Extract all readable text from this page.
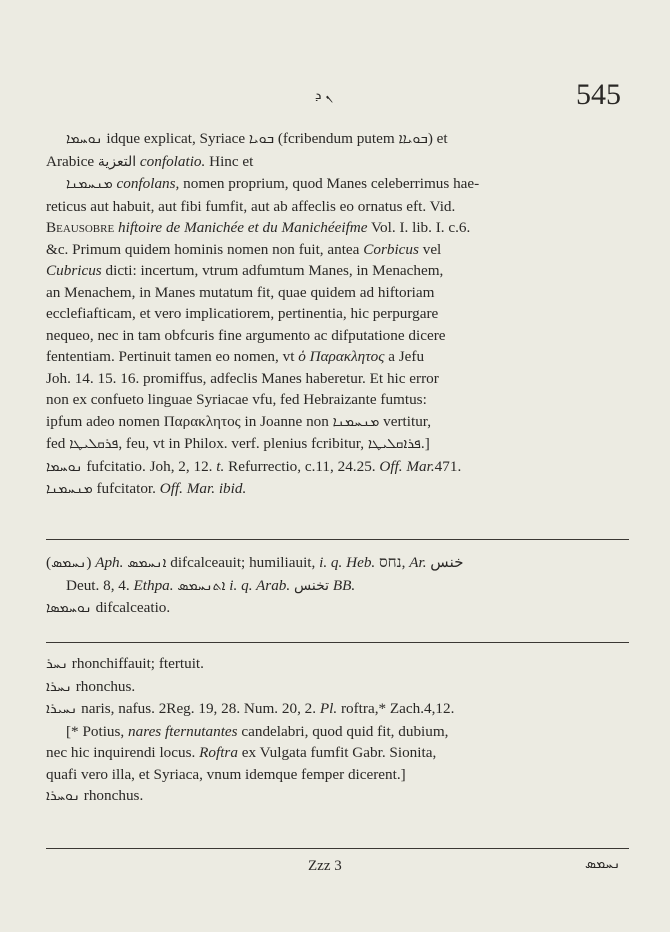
ܢ ܕ	545

ܢܘܚܡܐ idque explicat, Syriace ܒܘܝܐ (fcribendum putem ܒܘܝܐܐ) et

Arabice التعزية confolatio. Hinc et

ܡܢܚܡܢܐ confolans, nomen proprium, quod Manes celeberrimus hae-

reticus aut habuit, aut fibi fumfit, aut ab affeclis eo ornatus eft. Vid.

Beausobre hiftoire de Manichée et du Manichéeifme Vol. I. lib. I. c.6.

&c. Primum quidem hominis nomen non fuit, antea Corbicus vel

Cubricus dicti: incertum, vtrum adfumtum Manes, in Menachem,

an Menachem, in Manes mutatum fit, quae quidem ad hiftoriam

ecclefiafticam, et vero implicatiorem, pertinentia, hic perpurgare

nequeo, nec in tam obfcuris fine argumento ac difputatione dicere

fententiam. Pertinuit tamen eo nomen, vt ὁ Παρακλητος a Jefu

Joh. 14. 15. 16. promiffus, adfeclis Manes haberetur. Et hic error

non ex confueto linguae Syriacae vfu, fed Hebraizante fumtus:

ipfum adeo nomen Παρακλητος in Joanne non ܡܢܚܡܢܐ vertitur,

fed ܦܪܩܠܝܛܐ, feu, vt in Philox. verf. plenius fcribitur, ܦܪܐܩܠܝܛܐ.]

ܢܘܚܡܐ fufcitatio. Joh, 2, 12. t. Refurrectio, c.11, 24.25. Off. Mar.471.

ܡܢܚܡܢܐ fufcitator. Off. Mar. ibid.

(ܢܚܡܣ) Aph. ܐܢܚܡܣ difcalceauit; humiliauit, i. q. Heb. נחס, Ar. خنس

Deut. 8, 4. Ethpa. ܐܬܢܚܡܣ i. q. Arab. تخنس BB.

ܢܘܚܡܣܐ difcalceatio.

ܢܚܪ rhonchiffauit; ftertuit.

ܢܚܪܐ rhonchus.

ܢܚܝܪܐ naris, nafus. 2Reg. 19, 28. Num. 20, 2. Pl. roftra,* Zach.4,12.

[* Potius, nares fternutantes candelabri, quod quid fit, dubium,

nec hic inquirendi locus. Roftra ex Vulgata fumfit Gabr. Sionita,

quafi vero illa, et Syriaca, vnum idemque femper dicerent.]

ܢܘܚܪܐ rhonchus.

Zzz 3	ܢܚܡܣ
